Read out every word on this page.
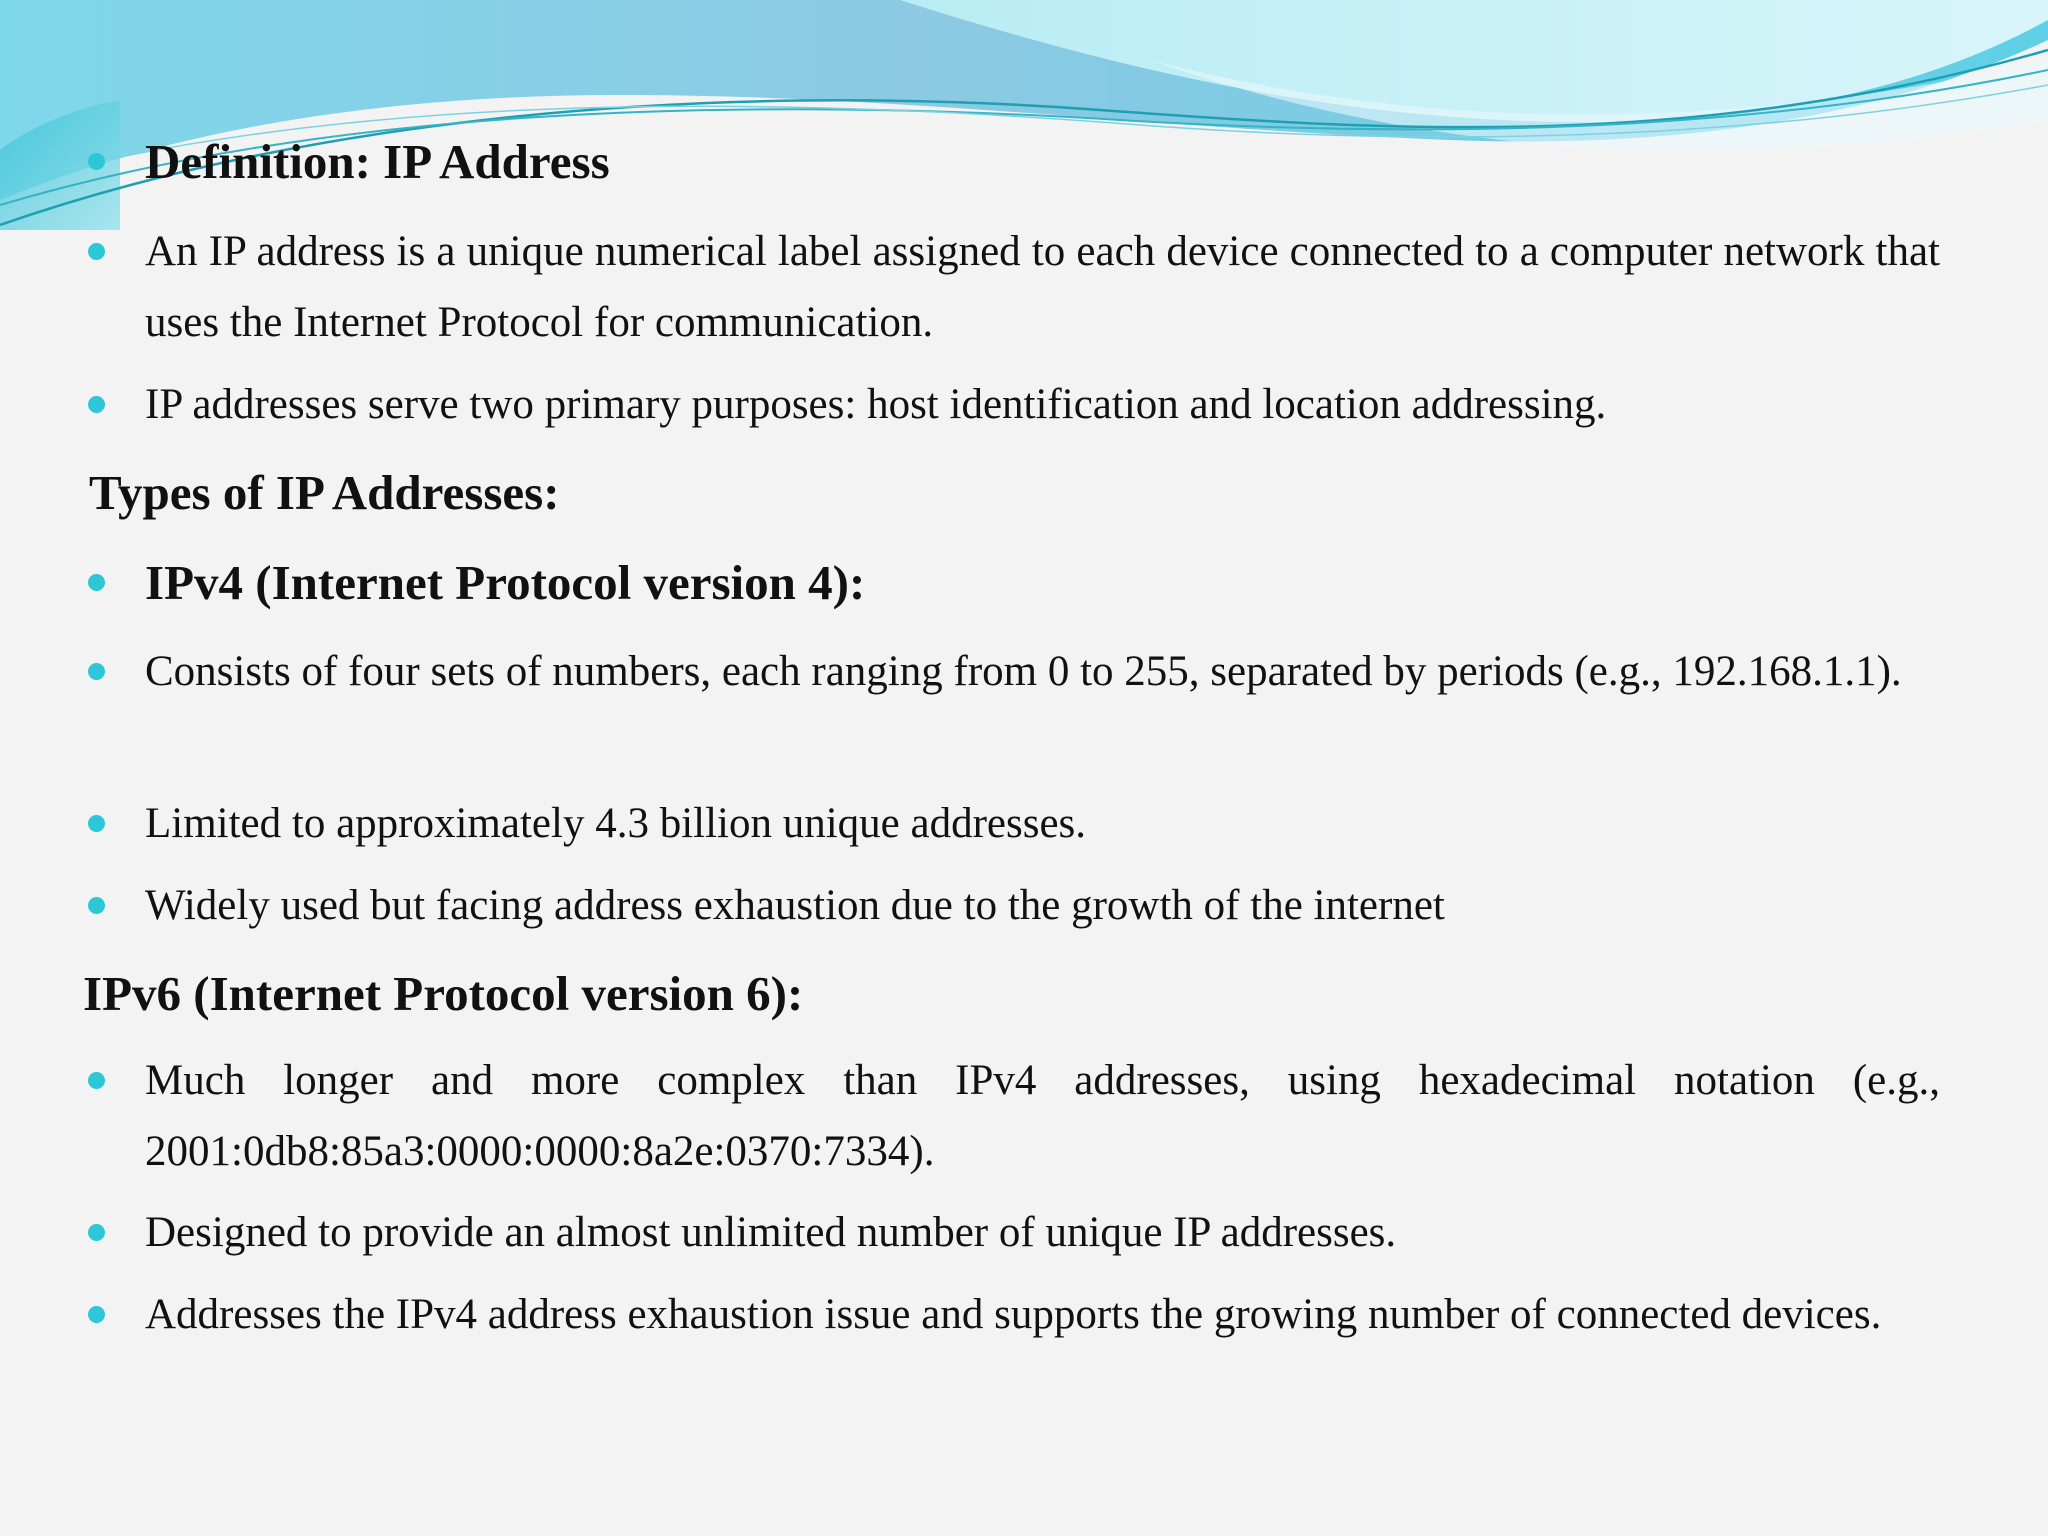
Definition: IP Address
An IP address is a unique numerical label assigned to each device connected to a computer network that uses the Internet Protocol for communication.
IP addresses serve two primary purposes: host identification and location addressing.
Types of IP Addresses:
IPv4 (Internet Protocol version 4):
Consists of four sets of numbers, each ranging from 0 to 255, separated by periods (e.g., 192.168.1.1).
Limited to approximately 4.3 billion unique addresses.
Widely used but facing address exhaustion due to the growth of the internet
IPv6 (Internet Protocol version 6):
Much longer and more complex than IPv4 addresses, using hexadecimal notation (e.g., 2001:0db8:85a3:0000:0000:8a2e:0370:7334).
Designed to provide an almost unlimited number of unique IP addresses.
Addresses the IPv4 address exhaustion issue and supports the growing number of connected devices.
